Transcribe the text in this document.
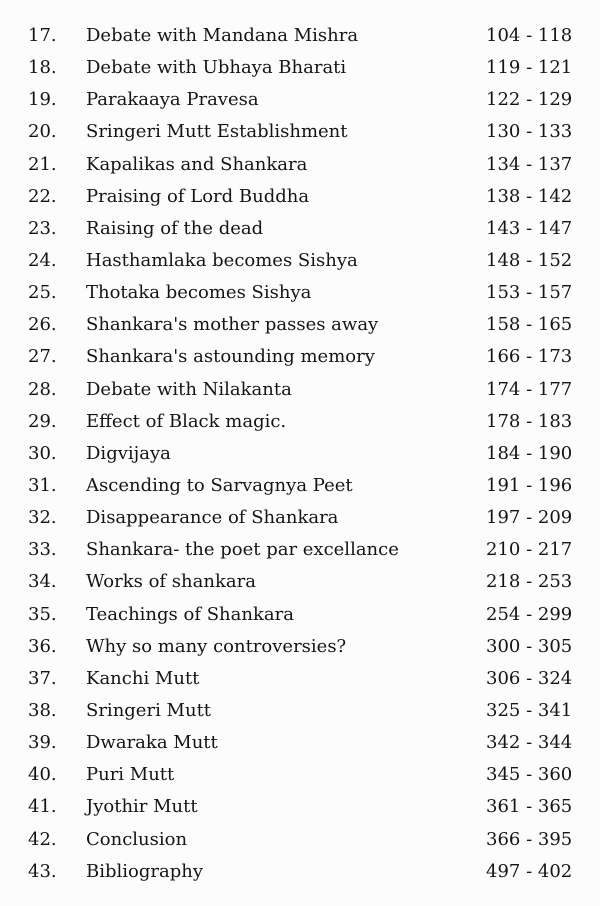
17.	Debate with Mandana Mishra	104 - 118
18.	Debate with Ubhaya Bharati	119 - 121
19.	Parakaaya Pravesa	122 - 129
20.	Sringeri Mutt Establishment	130 - 133
21.	Kapalikas and Shankara	134 - 137
22.	Praising of Lord Buddha	138 - 142
23.	Raising of the dead	143 - 147
24.	Hasthamlaka becomes Sishya	148 - 152
25.	Thotaka becomes Sishya	153 - 157
26.	Shankara's mother passes away	158 - 165
27.	Shankara's astounding memory	166 - 173
28.	Debate with Nilakanta	174 - 177
29.	Effect of Black magic.	178 - 183
30.	Digvijaya	184 - 190
31.	Ascending to Sarvagnya Peet	191 - 196
32.	Disappearance of Shankara	197 - 209
33.	Shankara- the poet par excellance	210 - 217
34.	Works of shankara	218 - 253
35.	Teachings of Shankara	254 - 299
36.	Why so many controversies?	300 - 305
37.	Kanchi Mutt	306 - 324
38.	Sringeri Mutt	325 - 341
39.	Dwaraka Mutt	342 - 344
40.	Puri Mutt	345 - 360
41.	Jyothir Mutt	361 - 365
42.	Conclusion	366 - 395
43.	Bibliography	497 - 402
